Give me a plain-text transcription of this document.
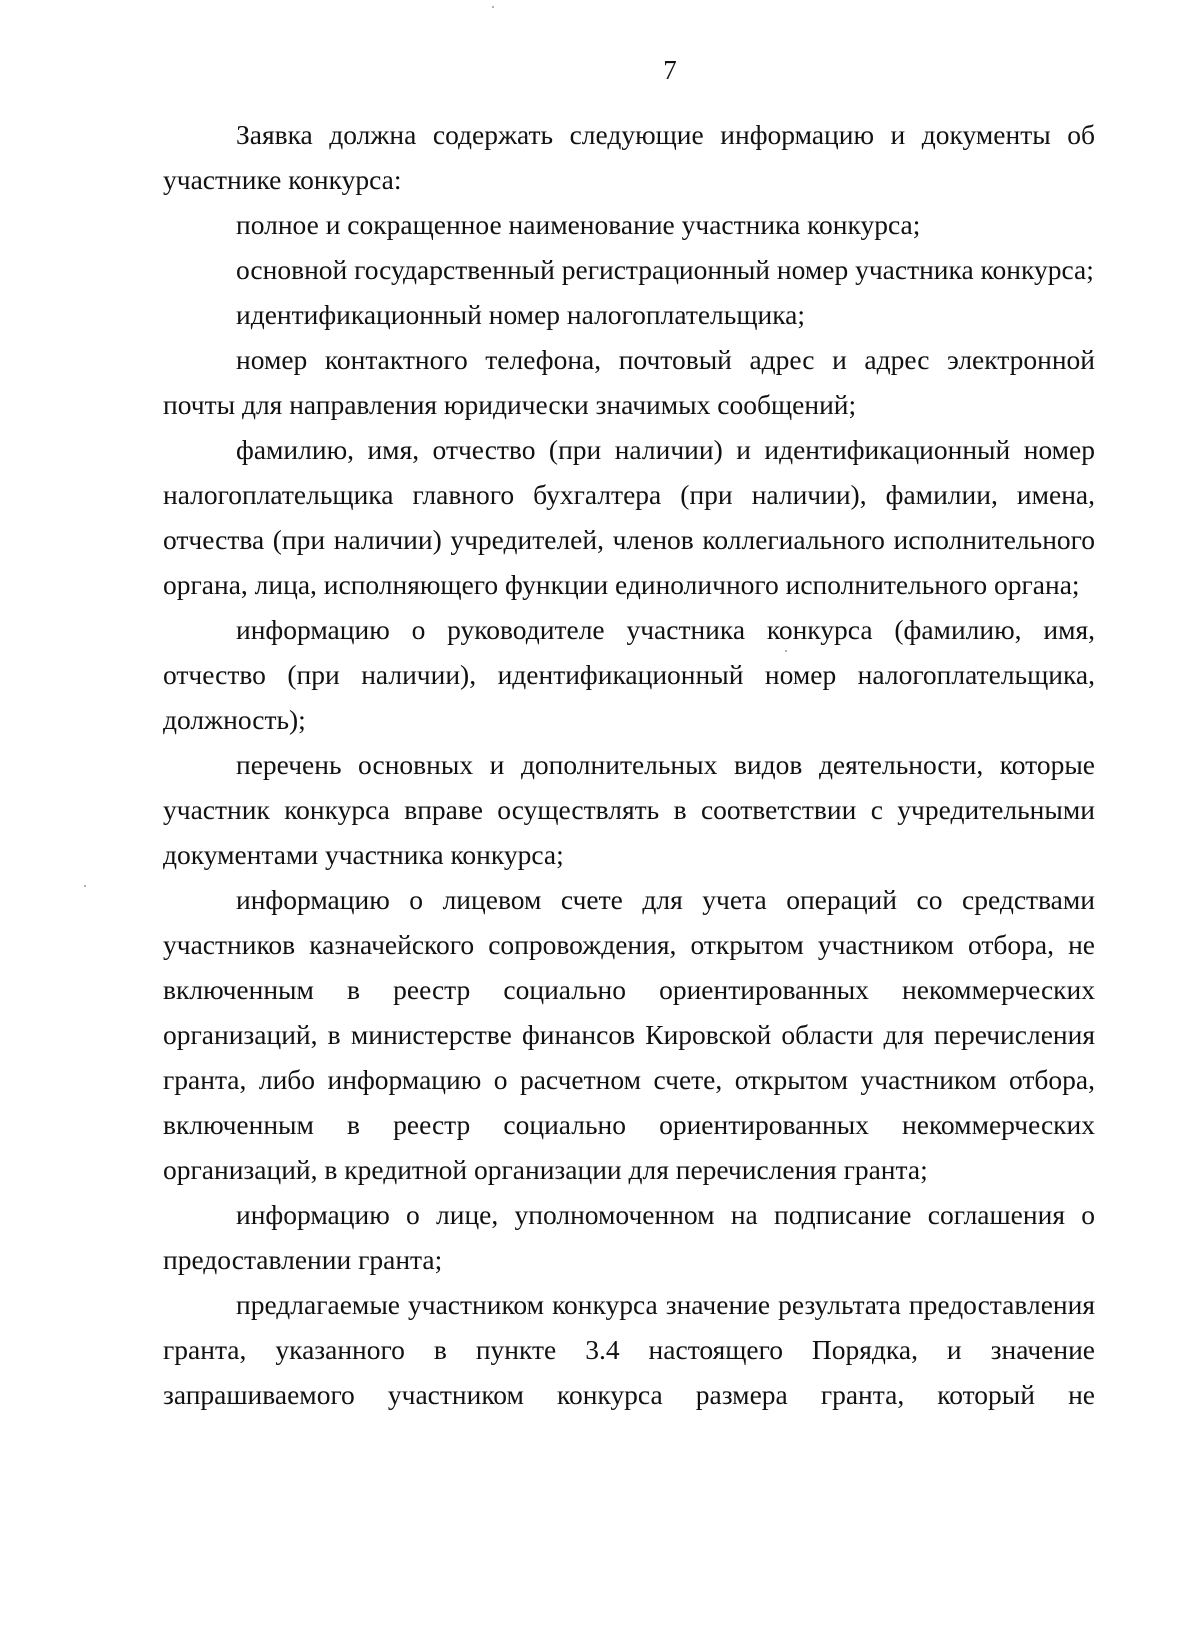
7

Заявка должна содержать следующие информацию и документы об участнике конкурса:

полное и сокращенное наименование участника конкурса;

основной государственный регистрационный номер участника конкурса;

идентификационный номер налогоплательщика;

номер контактного телефона, почтовый адрес и адрес электронной почты для направления юридически значимых сообщений;

фамилию, имя, отчество (при наличии) и идентификационный номер налогоплательщика главного бухгалтера (при наличии), фамилии, имена, отчества (при наличии) учредителей, членов коллегиального исполнительного органа, лица, исполняющего функции единоличного исполнительного органа;

информацию о руководителе участника конкурса (фамилию, имя, отчество (при наличии), идентификационный номер налогоплательщика, должность);

перечень основных и дополнительных видов деятельности, которые участник конкурса вправе осуществлять в соответствии с учредительными документами участника конкурса;

информацию о лицевом счете для учета операций со средствами участников казначейского сопровождения, открытом участником отбора, не включенным в реестр социально ориентированных некоммерческих организаций, в министерстве финансов Кировской области для перечисления гранта, либо информацию о расчетном счете, открытом участником отбора, включенным в реестр социально ориентированных некоммерческих организаций, в кредитной организации для перечисления гранта;

информацию о лице, уполномоченном на подписание соглашения о предоставлении гранта;

предлагаемые участником конкурса значение результата предоставления гранта, указанного в пункте 3.4 настоящего Порядка, и значение запрашиваемого участником конкурса размера гранта, который не
